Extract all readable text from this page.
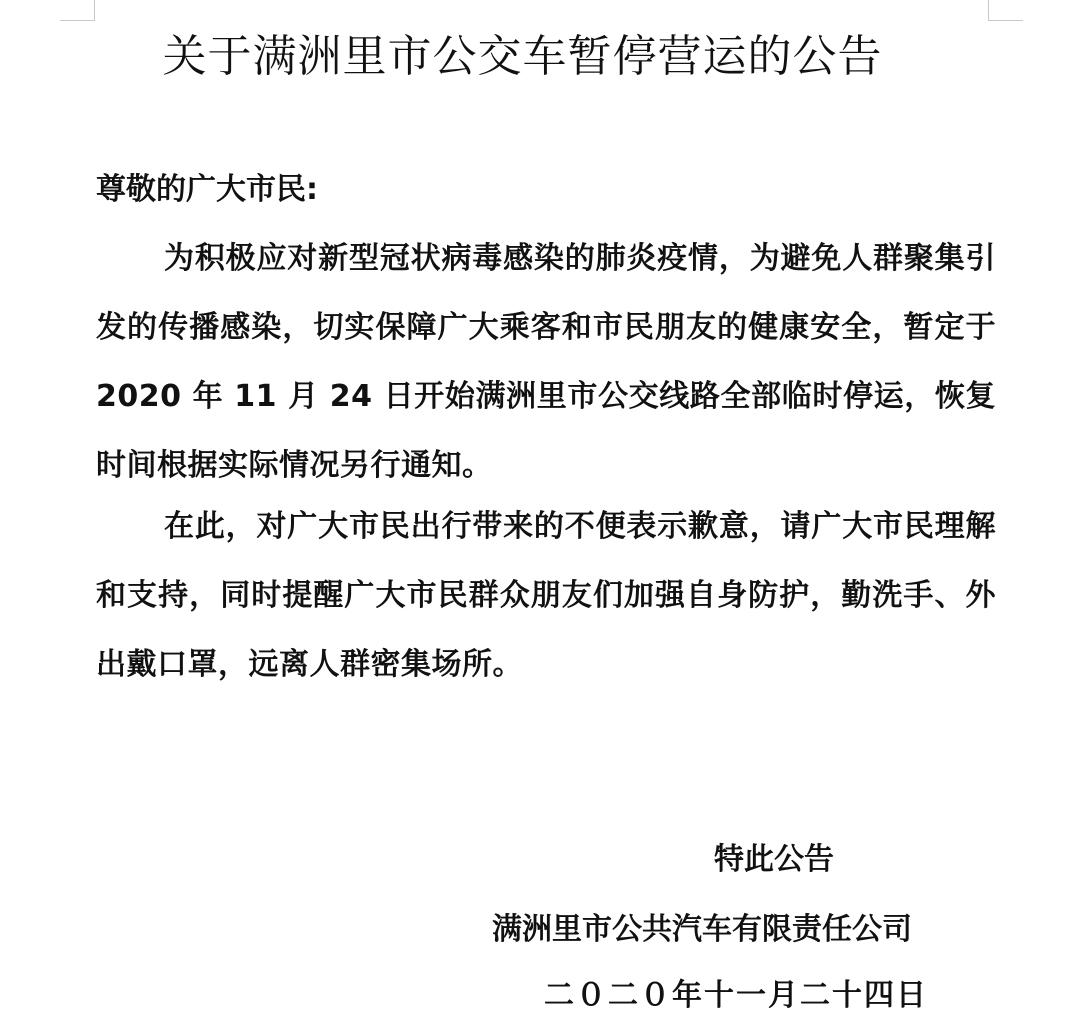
关于满洲里市公交车暂停营运的公告
尊敬的广大市民:

为积极应对新型冠状病毒感染的肺炎疫情，为避免人群聚集引发的传播感染，切实保障广大乘客和市民朋友的健康安全，暂定于 2020 年 11 月 24 日开始满洲里市公交线路全部临时停运，恢复时间根据实际情况另行通知。

在此，对广大市民出行带来的不便表示歉意，请广大市民理解和支持，同时提醒广大市民群众朋友们加强自身防护，勤洗手、外出戴口罩，远离人群密集场所。

特此公告
满洲里市公共汽车有限责任公司
二０二０年十一月二十四日
